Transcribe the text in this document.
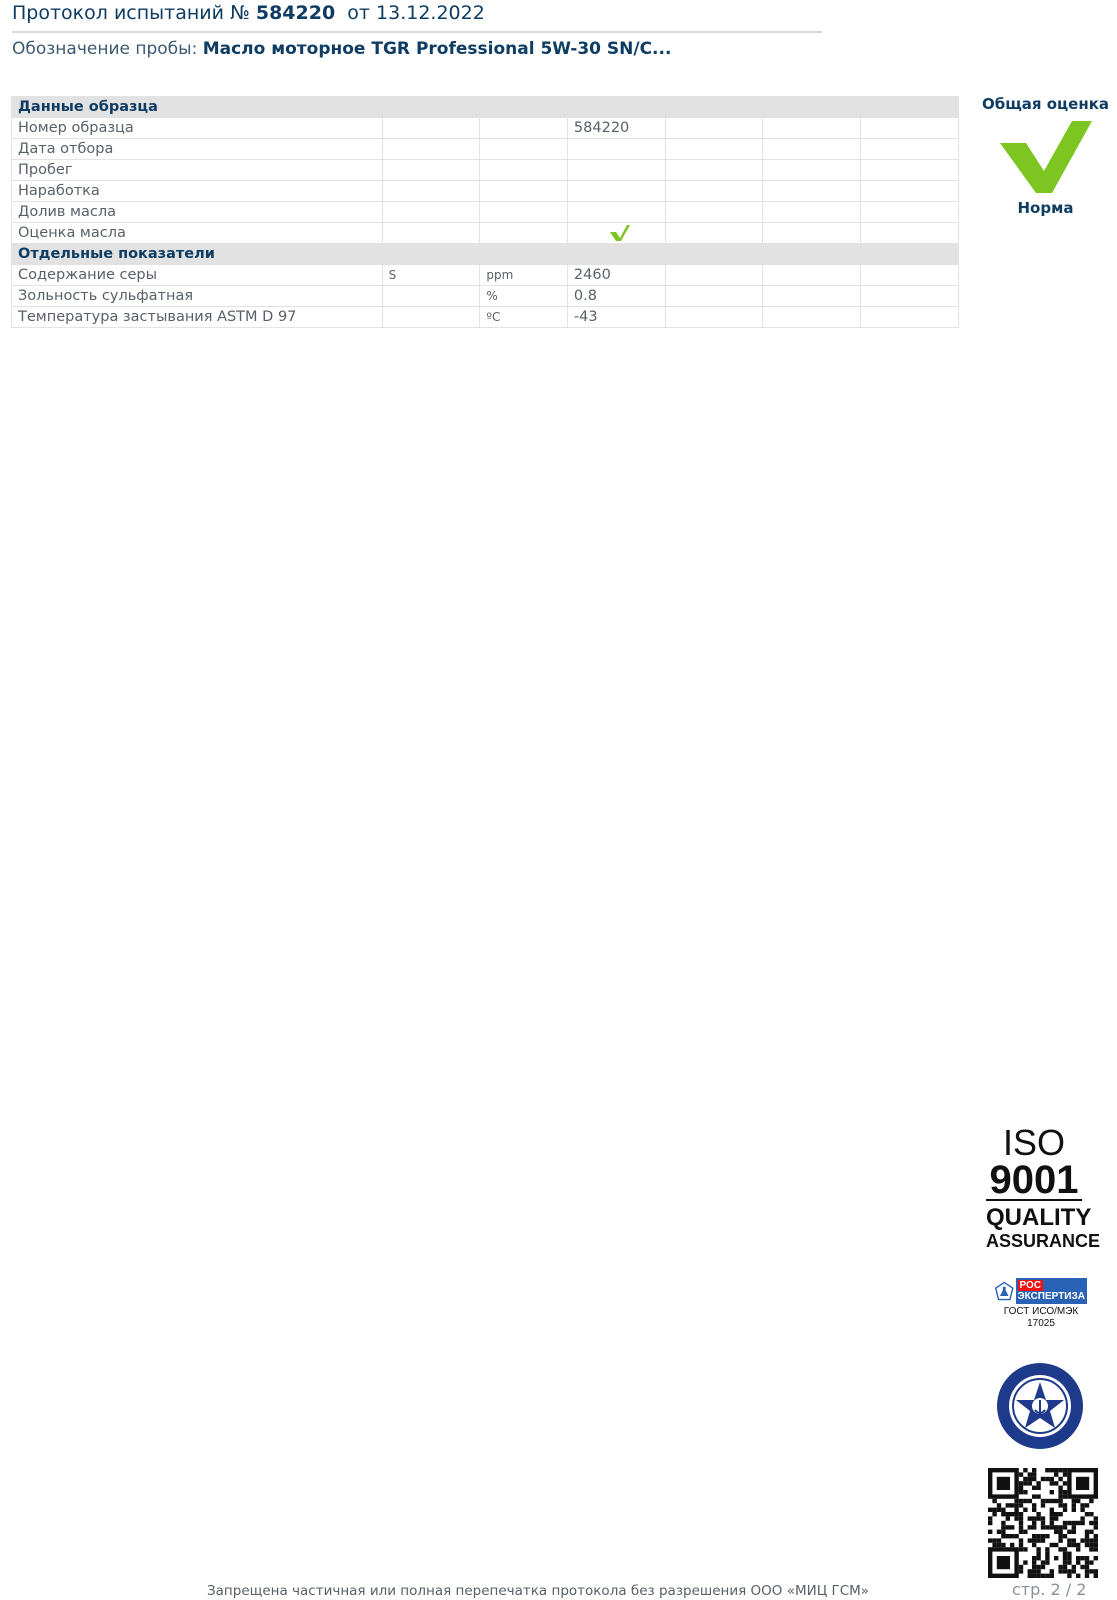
Протокол испытаний № 584220 от 13.12.2022
Обозначение пробы: Масло моторное TGR Professional 5W-30 SN/C...
Данные образца						
Номер образца			584220			
Дата отбора						
Пробег						
Наработка						
Долив масла						
Оценка масла			

Отдельные показатели						
Содержание серы	S	ppm	2460			
Зольность сульфатная		%	0.8			
Температура застывания ASTM D 97		ºC	-43			
Общая оценка
Норма
ISO
9001
QUALITY
ASSURANCE
РОС
ЭКСПЕРТИЗА
ГОСТ ИСО/МЭК 17025
Запрещена частичная или полная перепечатка протокола без разрешения ООО «МИЦ ГСМ»	стр. 2 / 2
